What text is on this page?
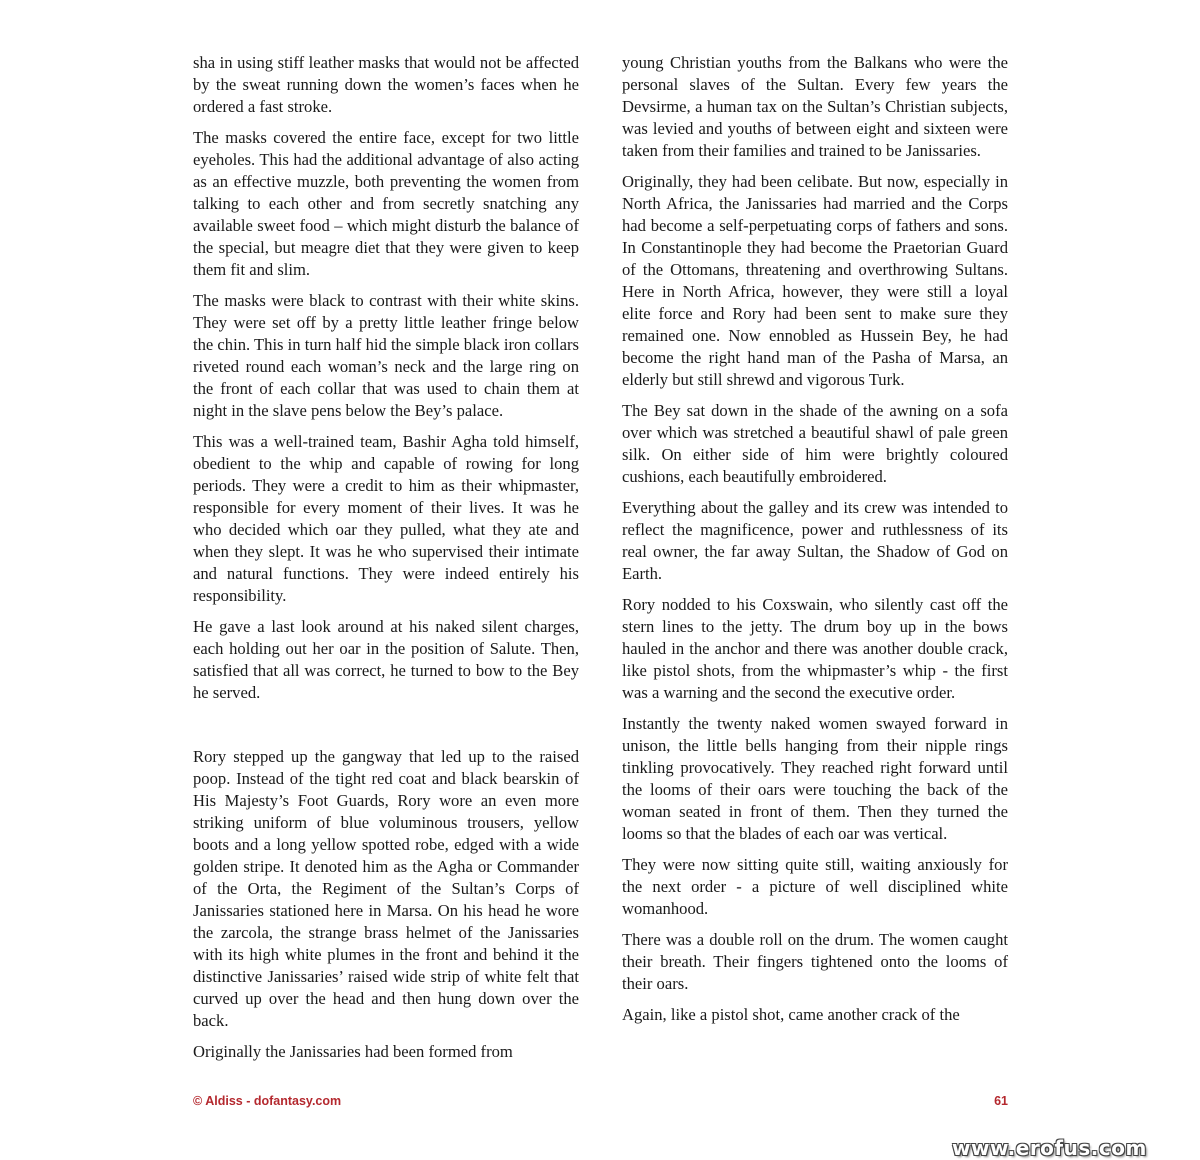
sha in using stiff leather masks that would not be affected by the sweat running down the women’s faces when he ordered a fast stroke.

The masks covered the entire face, except for two little eyeholes. This had the additional advantage of also acting as an effective muzzle, both preventing the women from talking to each other and from secretly snatching any available sweet food – which might disturb the balance of the special, but meagre diet that they were given to keep them fit and slim.

The masks were black to contrast with their white skins. They were set off by a pretty little leather fringe below the chin. This in turn half hid the simple black iron collars riveted round each woman’s neck and the large ring on the front of each collar that was used to chain them at night in the slave pens below the Bey’s palace.

This was a well-trained team, Bashir Agha told himself, obedient to the whip and capable of rowing for long periods. They were a credit to him as their whipmaster, responsible for every moment of their lives. It was he who decided which oar they pulled, what they ate and when they slept. It was he who supervised their intimate and natural functions. They were indeed entirely his responsibility.

He gave a last look around at his naked silent charges, each holding out her oar in the position of Salute. Then, satisfied that all was correct, he turned to bow to the Bey he served.

Rory stepped up the gangway that led up to the raised poop. Instead of the tight red coat and black bearskin of His Majesty’s Foot Guards, Rory wore an even more striking uniform of blue voluminous trousers, yellow boots and a long yellow spotted robe, edged with a wide golden stripe. It denoted him as the Agha or Commander of the Orta, the Regiment of the Sultan’s Corps of Janissaries stationed here in Marsa. On his head he wore the zarcola, the strange brass helmet of the Janissaries with its high white plumes in the front and behind it the distinctive Janissaries’ raised wide strip of white felt that curved up over the head and then hung down over the back.

Originally the Janissaries had been formed from

young Christian youths from the Balkans who were the personal slaves of the Sultan. Every few years the Devsirme, a human tax on the Sultan’s Christian subjects, was levied and youths of between eight and sixteen were taken from their families and trained to be Janissaries.

Originally, they had been celibate. But now, especially in North Africa, the Janissaries had married and the Corps had become a self-perpetuating corps of fathers and sons. In Constantinople they had become the Praetorian Guard of the Ottomans, threatening and overthrowing Sultans. Here in North Africa, however, they were still a loyal elite force and Rory had been sent to make sure they remained one. Now ennobled as Hussein Bey, he had become the right hand man of the Pasha of Marsa, an elderly but still shrewd and vigorous Turk.

The Bey sat down in the shade of the awning on a sofa over which was stretched a beautiful shawl of pale green silk. On either side of him were brightly coloured cushions, each beautifully embroidered.

Everything about the galley and its crew was intended to reflect the magnificence, power and ruthlessness of its real owner, the far away Sultan, the Shadow of God on Earth.

Rory nodded to his Coxswain, who silently cast off the stern lines to the jetty. The drum boy up in the bows hauled in the anchor and there was another double crack, like pistol shots, from the whipmaster’s whip - the first was a warning and the second the executive order.

Instantly the twenty naked women swayed forward in unison, the little bells hanging from their nipple rings tinkling provocatively. They reached right forward until the looms of their oars were touching the back of the woman seated in front of them. Then they turned the looms so that the blades of each oar was vertical.

They were now sitting quite still, waiting anxiously for the next order - a picture of well disciplined white womanhood.

There was a double roll on the drum. The women caught their breath. Their fingers tightened onto the looms of their oars.

Again, like a pistol shot, came another crack of the

© Aldiss - dofantasy.com	61
www.erofus.com
